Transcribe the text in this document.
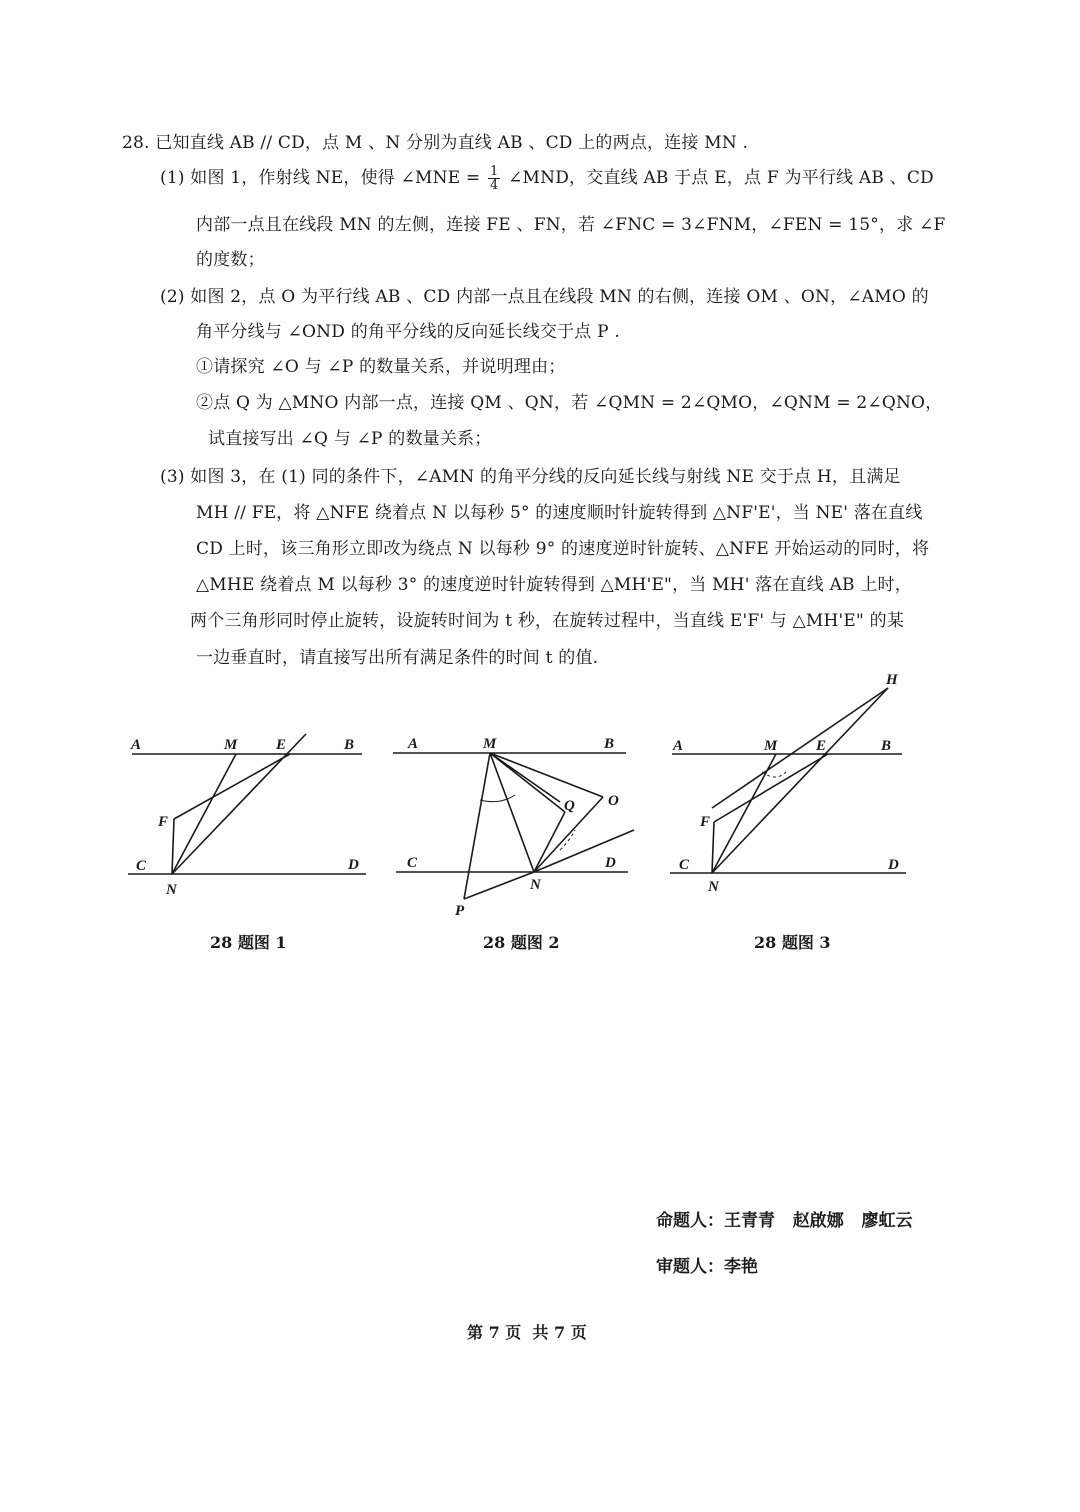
28. 已知直线 AB // CD，点 M 、N 分别为直线 AB 、CD 上的两点，连接 MN .
(1) 如图 1，作射线 NE，使得 ∠MNE = $\frac{1}{4}$ ∠MND，交直线 AB 于点 E，点 F 为平行线 AB 、CD
内部一点且在线段 MN 的左侧，连接 FE 、FN，若 ∠FNC = 3∠FNM，∠FEN = 15°，求 ∠F
的度数；
(2) 如图 2，点 O 为平行线 AB 、CD 内部一点且在线段 MN 的右侧，连接 OM 、ON，∠AMO 的
角平分线与 ∠OND 的角平分线的反向延长线交于点 P .
①请探究 ∠O 与 ∠P 的数量关系，并说明理由；
②点 Q 为 △MNO 内部一点，连接 QM 、QN，若 ∠QMN = 2∠QMO，∠QNM = 2∠QNO，
试直接写出 ∠Q 与 ∠P 的数量关系；
(3) 如图 3，在 (1) 同的条件下，∠AMN 的角平分线的反向延长线与射线 NE 交于点 H，且满足
MH // FE，将 △NFE 绕着点 N 以每秒 5° 的速度顺时针旋转得到 △NF'E'，当 NE' 落在直线
CD 上时，该三角形立即改为绕点 N 以每秒 9° 的速度逆时针旋转、△NFE 开始运动的同时，将
△MHE 绕着点 M 以每秒 3° 的速度逆时针旋转得到 △MH'E"，当 MH' 落在直线 AB 上时，
两个三角形同时停止旋转，设旋转时间为 t 秒，在旋转过程中，当直线 E'F' 与 △MH'E" 的某
一边垂直时，请直接写出所有满足条件的时间 t 的值.
A	M	E	B
F
C
N
D
A	M	B
Q O
C
N
D
P
H
A	M	E	B
F
C
N
D
28 题图 1	28 题图 2	28 题图 3
命题人：王青青   赵啟娜   廖虹云
审题人：李艳
第 7 页  共 7 页
